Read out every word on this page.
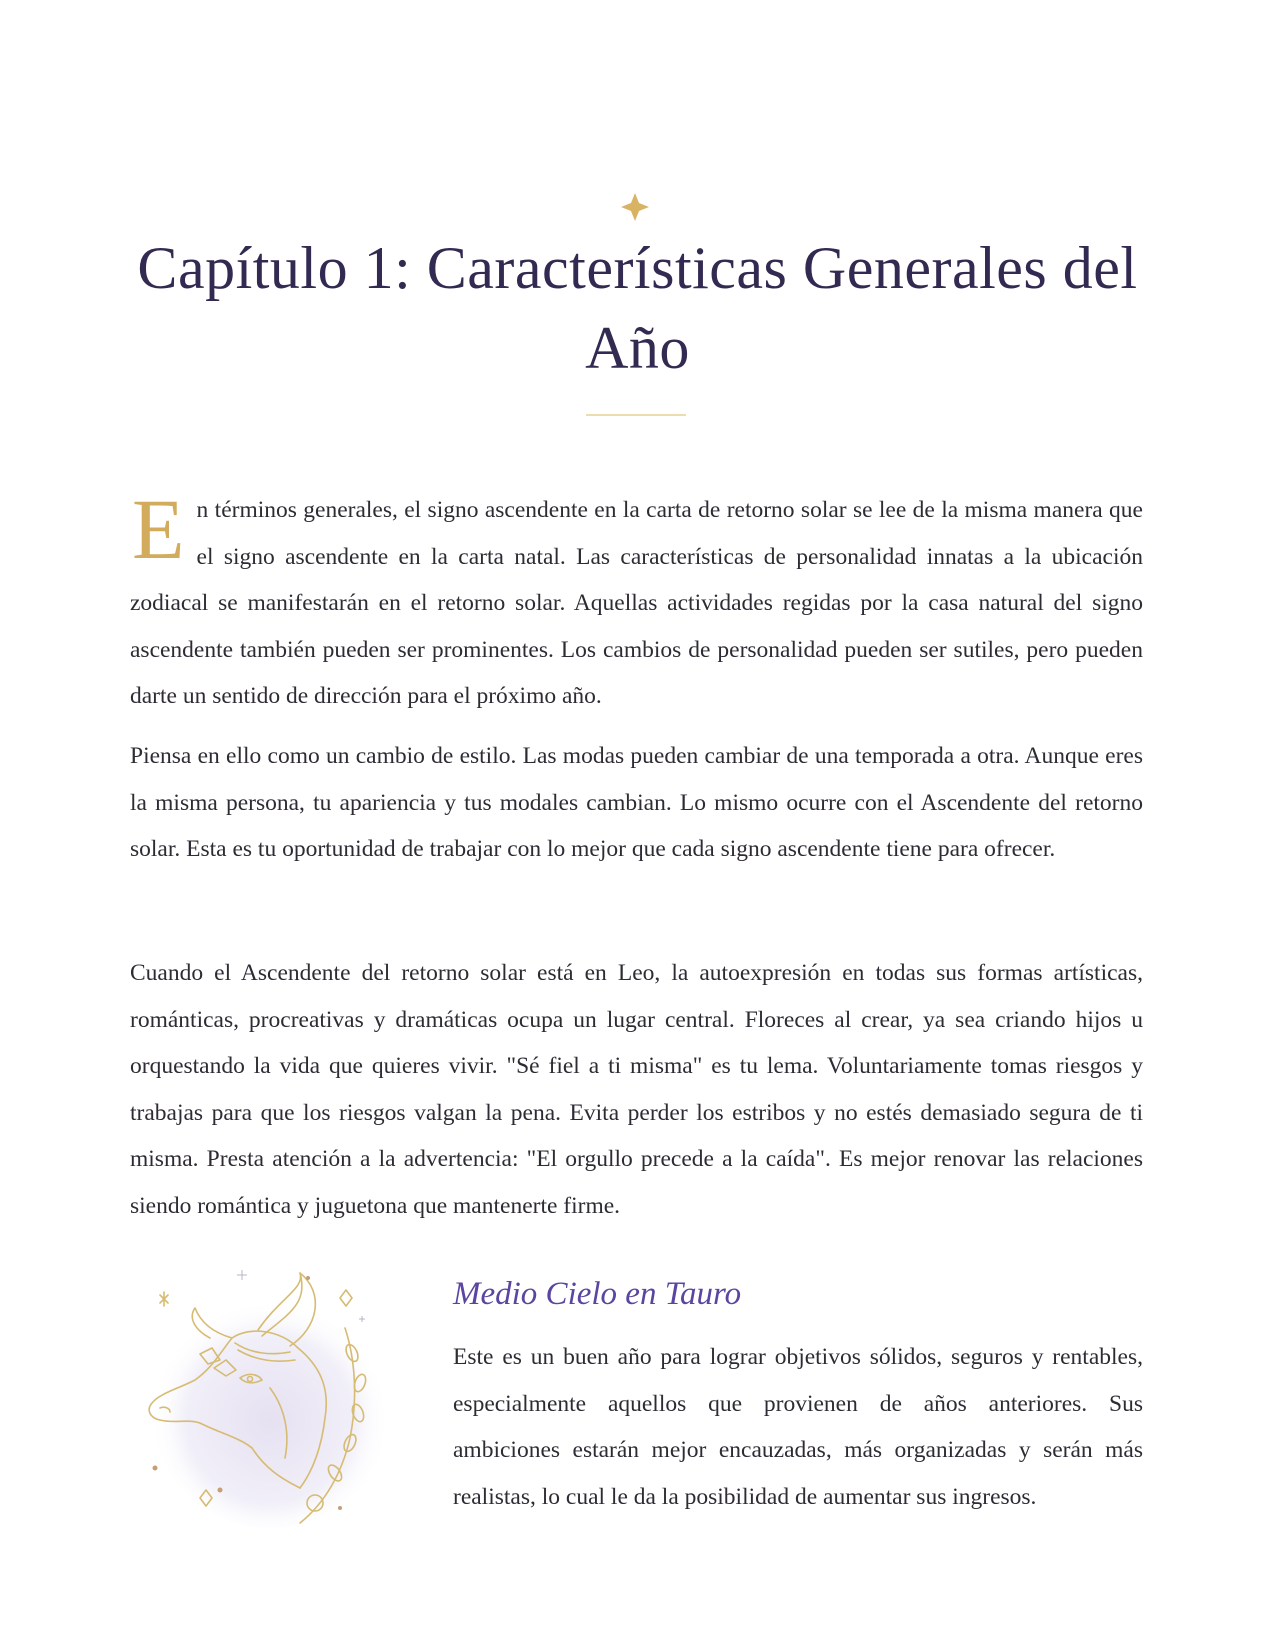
Capítulo 1: Características Generales del Año

En términos generales, el signo ascendente en la carta de retorno solar se lee de la misma manera que el signo ascendente en la carta natal. Las características de personalidad innatas a la ubicación zodiacal se manifestarán en el retorno solar. Aquellas actividades regidas por la casa natural del signo ascendente también pueden ser prominentes. Los cambios de personalidad pueden ser sutiles, pero pueden darte un sentido de dirección para el próximo año.

Piensa en ello como un cambio de estilo. Las modas pueden cambiar de una temporada a otra. Aunque eres la misma persona, tu apariencia y tus modales cambian. Lo mismo ocurre con el Ascendente del retorno solar. Esta es tu oportunidad de trabajar con lo mejor que cada signo ascendente tiene para ofrecer.

Cuando el Ascendente del retorno solar está en Leo, la autoexpresión en todas sus formas artísticas, románticas, procreativas y dramáticas ocupa un lugar central. Floreces al crear, ya sea criando hijos u orquestando la vida que quieres vivir. "Sé fiel a ti misma" es tu lema. Voluntariamente tomas riesgos y trabajas para que los riesgos valgan la pena. Evita perder los estribos y no estés demasiado segura de ti misma. Presta atención a la advertencia: "El orgullo precede a la caída". Es mejor renovar las relaciones siendo romántica y juguetona que mantenerte firme.

Medio Cielo en Tauro

Este es un buen año para lograr objetivos sólidos, seguros y rentables, especialmente aquellos que provienen de años anteriores. Sus ambiciones estarán mejor encauzadas, más organizadas y serán más realistas, lo cual le da la posibilidad de aumentar sus ingresos.
